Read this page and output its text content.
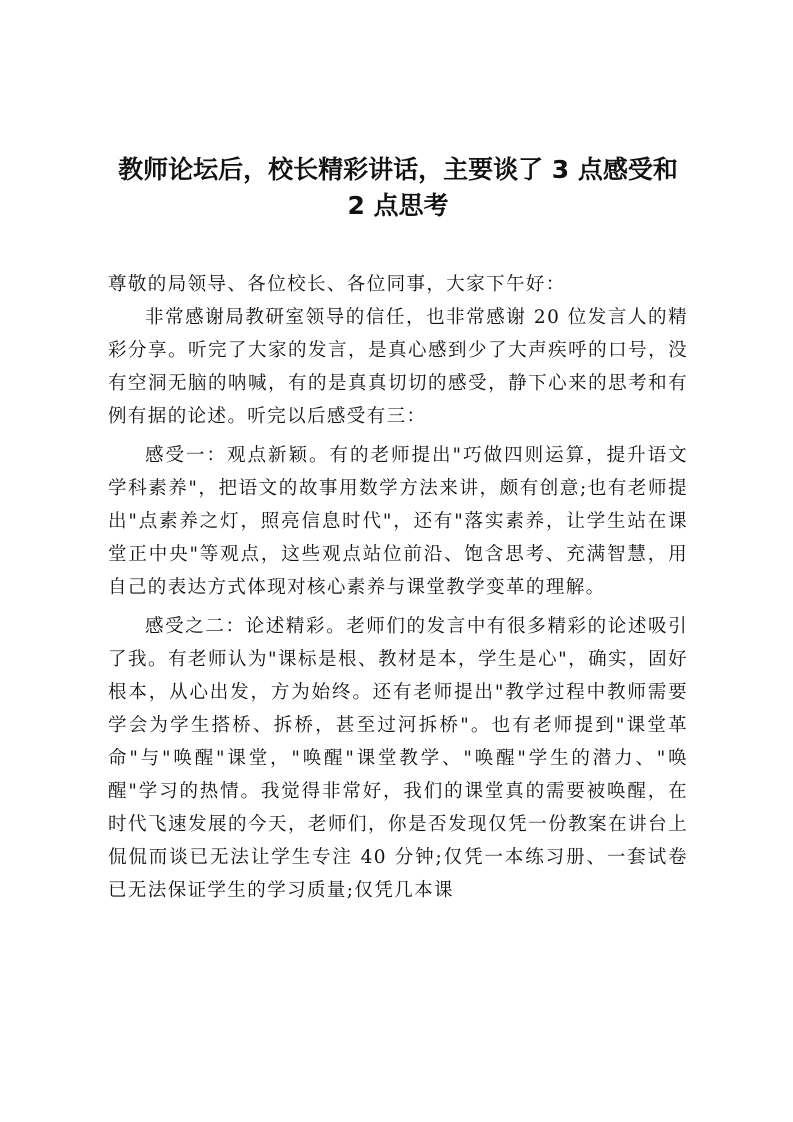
教师论坛后，校长精彩讲话，主要谈了 3 点感受和 2 点思考

尊敬的局领导、各位校长、各位同事，大家下午好：

非常感谢局教研室领导的信任，也非常感谢 20 位发言人的精彩分享。听完了大家的发言，是真心感到少了大声疾呼的口号，没有空洞无脑的呐喊，有的是真真切切的感受，静下心来的思考和有例有据的论述。听完以后感受有三：

感受一：观点新颖。有的老师提出"巧做四则运算，提升语文学科素养"，把语文的故事用数学方法来讲，颇有创意;也有老师提出"点素养之灯，照亮信息时代"，还有"落实素养，让学生站在课堂正中央"等观点，这些观点站位前沿、饱含思考、充满智慧，用自己的表达方式体现对核心素养与课堂教学变革的理解。

感受之二：论述精彩。老师们的发言中有很多精彩的论述吸引了我。有老师认为"课标是根、教材是本，学生是心"，确实，固好根本，从心出发，方为始终。还有老师提出"教学过程中教师需要学会为学生搭桥、拆桥，甚至过河拆桥"。也有老师提到"课堂革命"与"唤醒"课堂，"唤醒"课堂教学、"唤醒"学生的潜力、"唤醒"学习的热情。我觉得非常好，我们的课堂真的需要被唤醒，在时代飞速发展的今天，老师们，你是否发现仅凭一份教案在讲台上侃侃而谈已无法让学生专注 40 分钟;仅凭一本练习册、一套试卷已无法保证学生的学习质量;仅凭几本课
